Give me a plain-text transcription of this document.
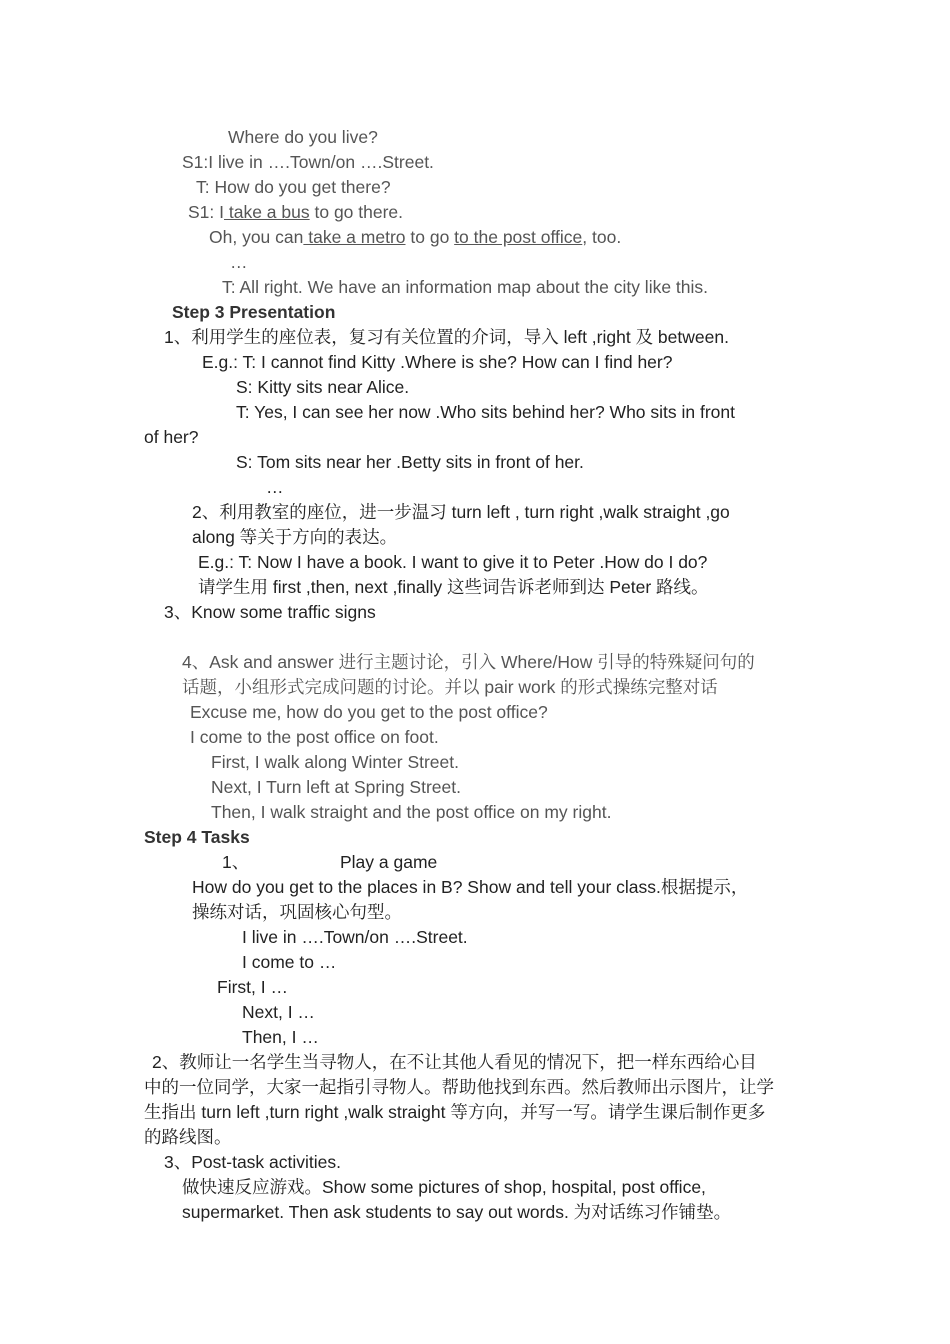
Where do you live?
S1:I live in ….Town/on ….Street.
T: How do you get there?
S1: I take a bus to go there.
Oh, you can take a metro to go to the post office, too.
…
T: All right. We have an information map about the city like this.
Step 3 Presentation
1、利用学生的座位表，复习有关位置的介词，导入 left ,right 及 between.
E.g.: T: I cannot find Kitty .Where is she? How can I find her?
S: Kitty sits near Alice.
T: Yes, I can see her now .Who sits behind her? Who sits in front
of her?
S: Tom sits near her .Betty sits in front of her.
…
2、利用教室的座位，进一步温习 turn left , turn right ,walk straight ,go
along 等关于方向的表达。
E.g.: T: Now I have a book. I want to give it to Peter .How do I do?
请学生用 first ,then, next ,finally 这些词告诉老师到达 Peter 路线。
3、Know some traffic signs
4、Ask and answer 进行主题讨论，引入 Where/How 引导的特殊疑问句的
话题，小组形式完成问题的讨论。并以 pair work 的形式操练完整对话
Excuse me, how do you get to the post office?
I come to the post office on foot.
First, I walk along Winter Street.
Next, I Turn left at Spring Street.
Then, I walk straight and the post office on my right.
Step 4 Tasks
1、	Play a game
How do you get to the places in B? Show and tell your class.根据提示，
操练对话，巩固核心句型。
I live in ….Town/on ….Street.
I come to …
First, I …
Next, I …
Then, I …
2、教师让一名学生当寻物人，在不让其他人看见的情况下，把一样东西给心目
中的一位同学，大家一起指引寻物人。帮助他找到东西。然后教师出示图片，让学
生指出 turn left ,turn right ,walk straight 等方向，并写一写。请学生课后制作更多
的路线图。
3、Post-task activities.
做快速反应游戏。Show some pictures of shop, hospital, post office,
supermarket. Then ask students to say out words. 为对话练习作铺垫。
